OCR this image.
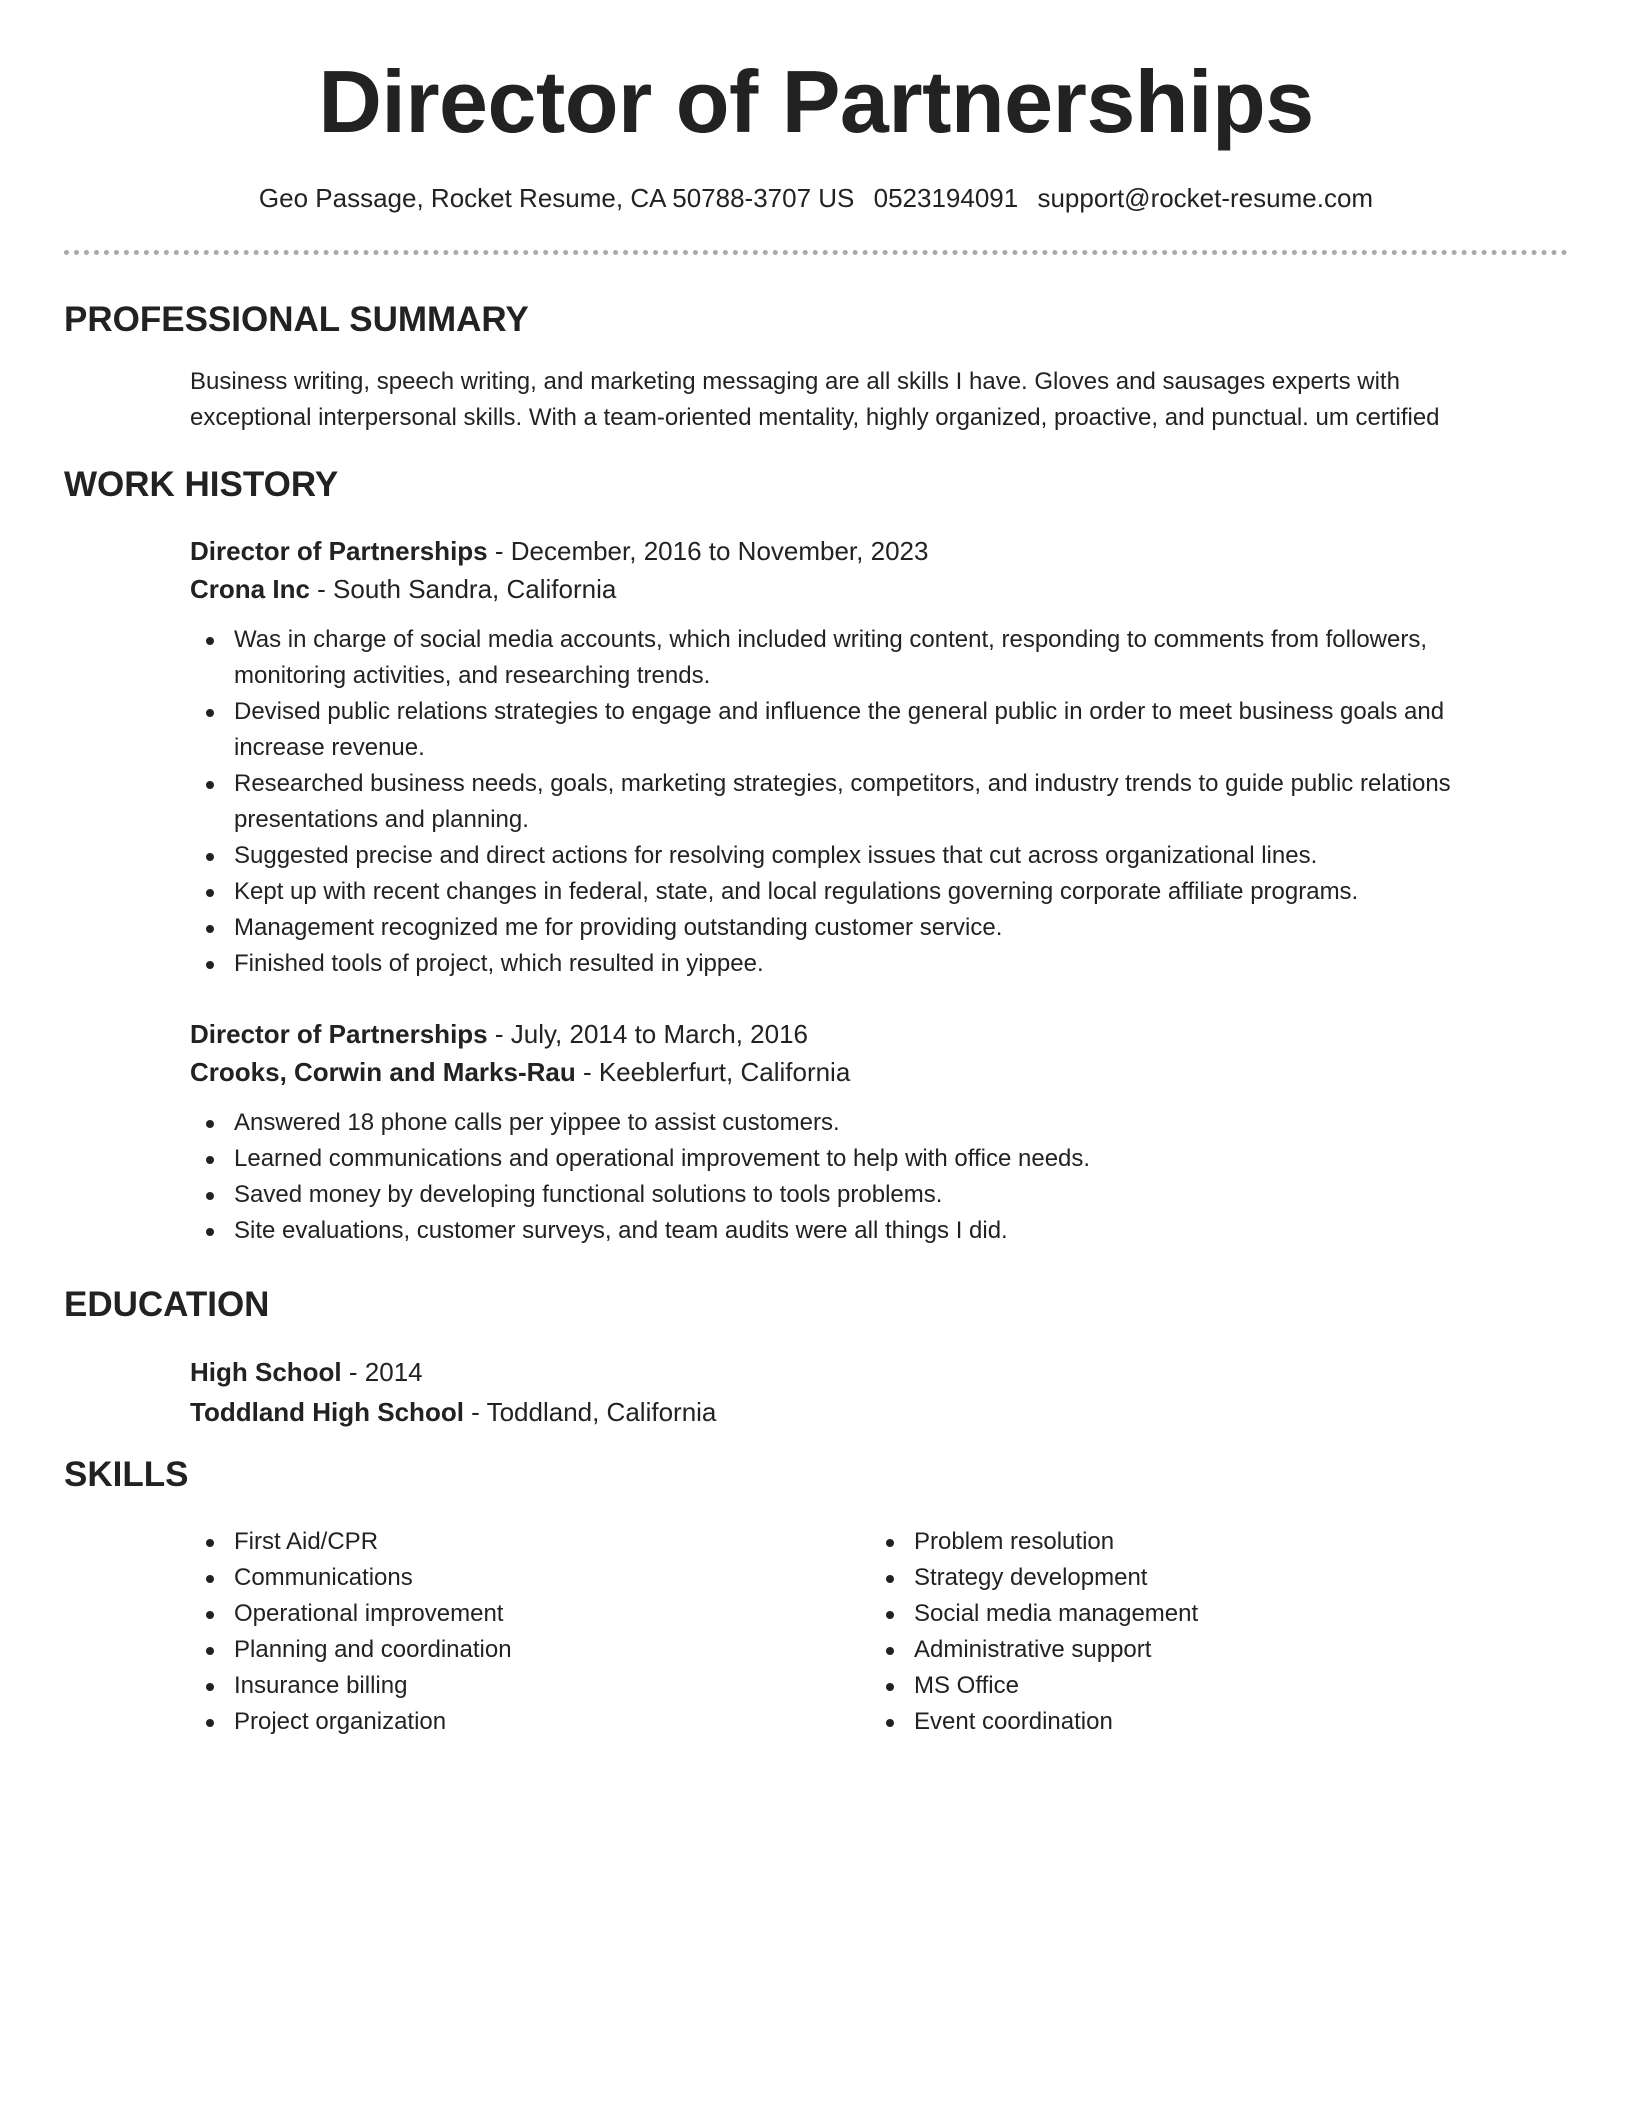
Director of Partnerships
Geo Passage, Rocket Resume, CA 50788-3707 US 0523194091 support@rocket-resume.com
PROFESSIONAL SUMMARY

Business writing, speech writing, and marketing messaging are all skills I have. Gloves and sausages experts with exceptional interpersonal skills. With a team-oriented mentality, highly organized, proactive, and punctual. um certified

WORK HISTORY
Director of Partnerships - December, 2016 to November, 2023
Crona Inc - South Sandra, California
Was in charge of social media accounts, which included writing content, responding to comments from followers, monitoring activities, and researching trends.
Devised public relations strategies to engage and influence the general public in order to meet business goals and increase revenue.
Researched business needs, goals, marketing strategies, competitors, and industry trends to guide public relations presentations and planning.
Suggested precise and direct actions for resolving complex issues that cut across organizational lines.
Kept up with recent changes in federal, state, and local regulations governing corporate affiliate programs.
Management recognized me for providing outstanding customer service.
Finished tools of project, which resulted in yippee.
Director of Partnerships - July, 2014 to March, 2016
Crooks, Corwin and Marks-Rau - Keeblerfurt, California
Answered 18 phone calls per yippee to assist customers.
Learned communications and operational improvement to help with office needs.
Saved money by developing functional solutions to tools problems.
Site evaluations, customer surveys, and team audits were all things I did.
EDUCATION
High School - 2014
Toddland High School - Toddland, California
SKILLS
First Aid/CPR
Communications
Operational improvement
Planning and coordination
Insurance billing
Project organization
Problem resolution
Strategy development
Social media management
Administrative support
MS Office
Event coordination
